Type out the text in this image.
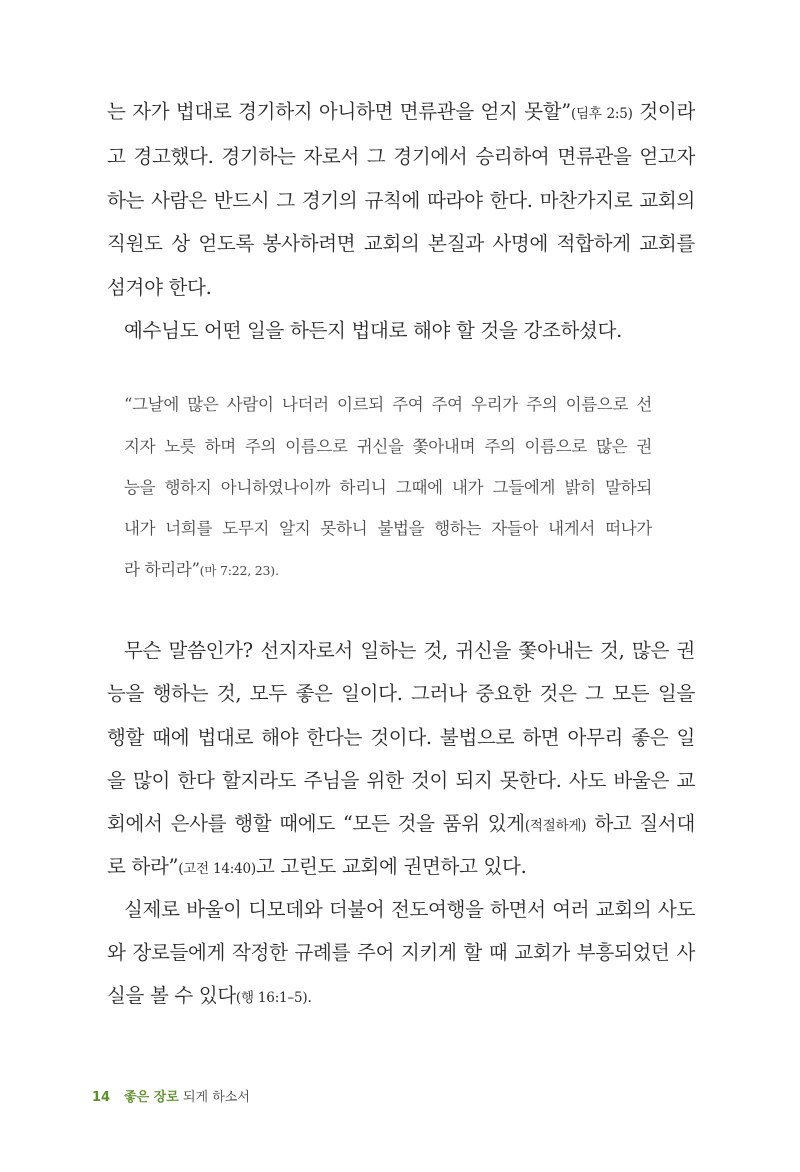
는 자가 법대로 경기하지 아니하면 면류관을 얻지 못할”(딤후 2:5) 것이라
고 경고했다. 경기하는 자로서 그 경기에서 승리하여 면류관을 얻고자
하는 사람은 반드시 그 경기의 규칙에 따라야 한다. 마찬가지로 교회의
직원도 상 얻도록 봉사하려면 교회의 본질과 사명에 적합하게 교회를
섬겨야 한다.
예수님도 어떤 일을 하든지 법대로 해야 할 것을 강조하셨다.
“그날에 많은 사람이 나더러 이르되 주여 주여 우리가 주의 이름으로 선
지자 노릇 하며 주의 이름으로 귀신을 쫓아내며 주의 이름으로 많은 권
능을 행하지 아니하였나이까 하리니 그때에 내가 그들에게 밝히 말하되
내가 너희를 도무지 알지 못하니 불법을 행하는 자들아 내게서 떠나가
라 하리라”(마 7:22, 23).
무슨 말씀인가? 선지자로서 일하는 것, 귀신을 쫓아내는 것, 많은 권
능을 행하는 것, 모두 좋은 일이다. 그러나 중요한 것은 그 모든 일을
행할 때에 법대로 해야 한다는 것이다. 불법으로 하면 아무리 좋은 일
을 많이 한다 할지라도 주님을 위한 것이 되지 못한다. 사도 바울은 교
회에서 은사를 행할 때에도 “모든 것을 품위 있게(적절하게) 하고 질서대
로 하라”(고전 14:40)고 고린도 교회에 권면하고 있다.
실제로 바울이 디모데와 더불어 전도여행을 하면서 여러 교회의 사도
와 장로들에게 작정한 규례를 주어 지키게 할 때 교회가 부흥되었던 사
실을 볼 수 있다(행 16:1–5).
14 좋은 장로 되게 하소서
